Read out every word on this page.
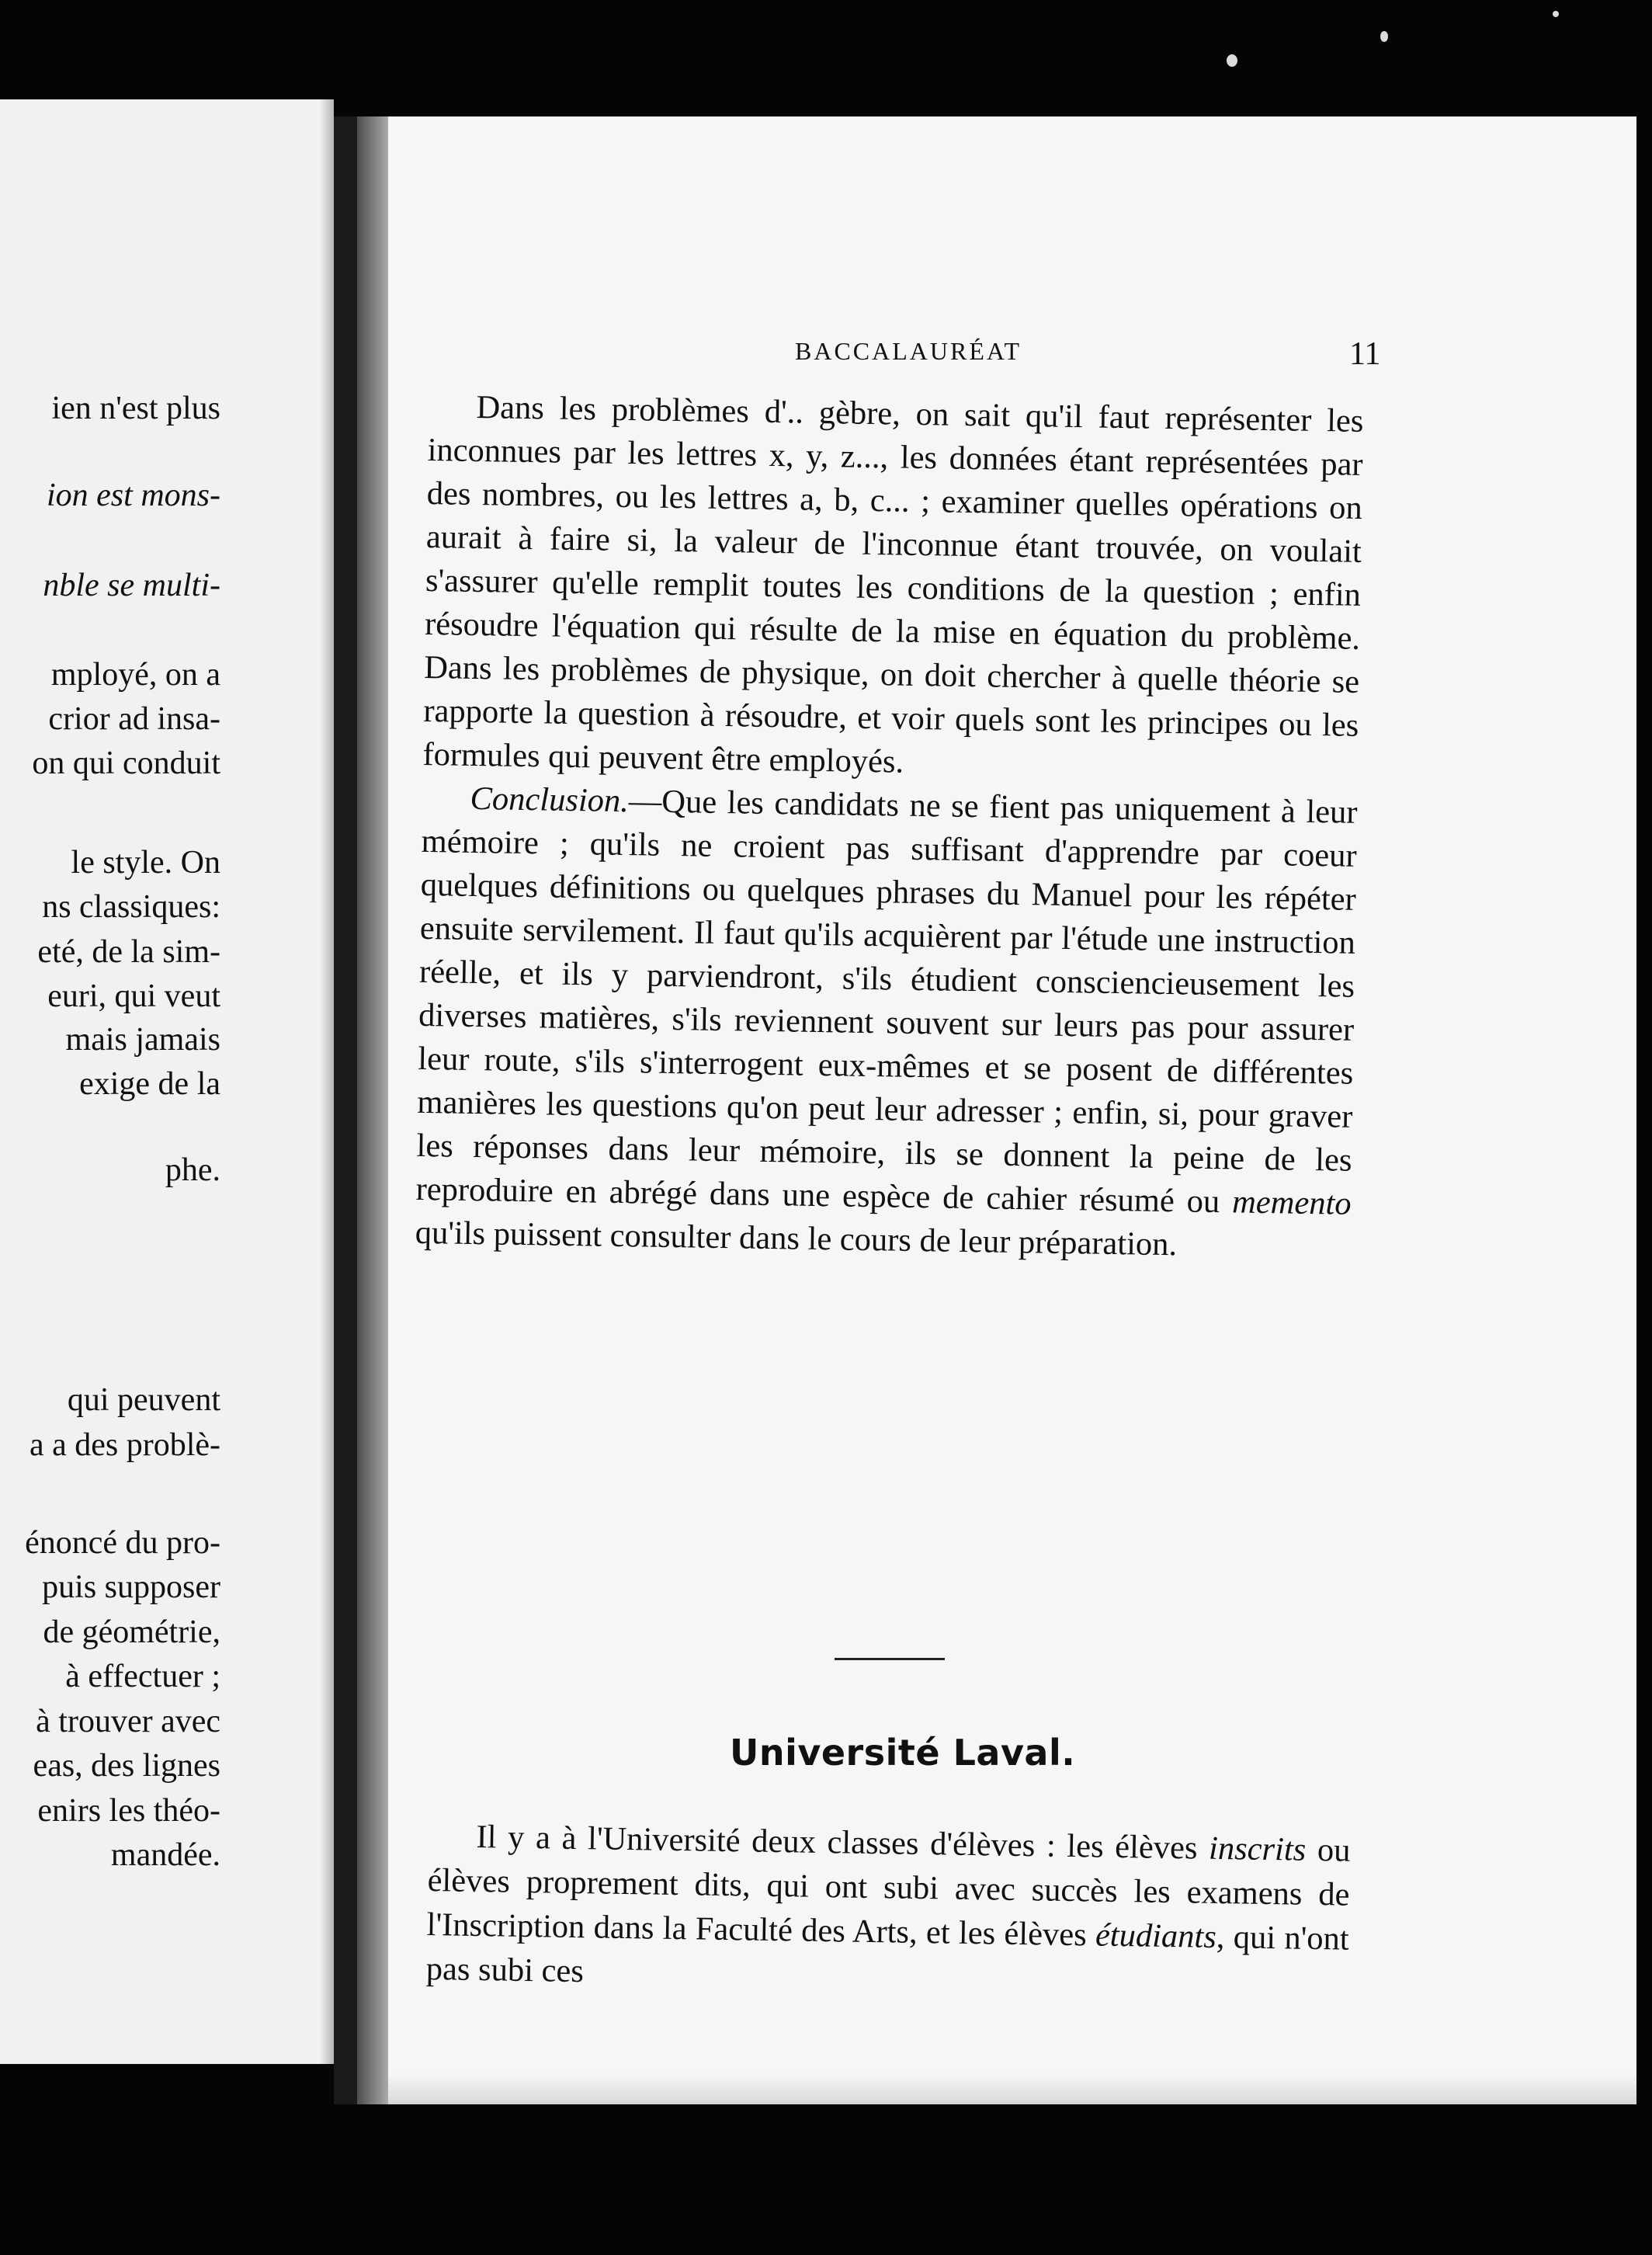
ien n'est plus
ion est mons-
nble se multi-
mployé, on a
crior ad insa-
on qui conduit
le style. On
ns classiques:
eté, de la sim-
euri, qui veut
mais jamais
exige de la
phe.
qui peuvent
a a des problè-
énoncé du pro-
puis supposer
de géométrie,
à effectuer ;
à trouver avec
eas, des lignes
enirs les théo-
mandée.
BACCALAURÉAT	11

Dans les problèmes d'.. gèbre, on sait qu'il faut représenter les inconnues par les lettres x, y, z..., les données étant représentées par des nombres, ou les lettres a, b, c... ; examiner quelles opérations on aurait à faire si, la valeur de l'inconnue étant trouvée, on voulait s'assurer qu'elle remplit toutes les conditions de la question ; enfin résoudre l'équation qui résulte de la mise en équation du problème. Dans les problèmes de physique, on doit chercher à quelle théorie se rapporte la question à résoudre, et voir quels sont les principes ou les formules qui peuvent être employés.

Conclusion.—Que les candidats ne se fient pas uniquement à leur mémoire ; qu'ils ne croient pas suffisant d'apprendre par coeur quelques définitions ou quelques phrases du Manuel pour les répéter ensuite servilement. Il faut qu'ils acquièrent par l'étude une instruction réelle, et ils y parviendront, s'ils étudient consciencieusement les diverses matières, s'ils reviennent souvent sur leurs pas pour assurer leur route, s'ils s'interrogent eux-mêmes et se posent de différentes manières les questions qu'on peut leur adresser ; enfin, si, pour graver les réponses dans leur mémoire, ils se donnent la peine de les reproduire en abrégé dans une espèce de cahier résumé ou memento qu'ils puissent consulter dans le cours de leur préparation.

Université Laval.

Il y a à l'Université deux classes d'élèves : les élèves inscrits ou élèves proprement dits, qui ont subi avec succès les examens de l'Inscription dans la Faculté des Arts, et les élèves étudiants, qui n'ont pas subi ces
